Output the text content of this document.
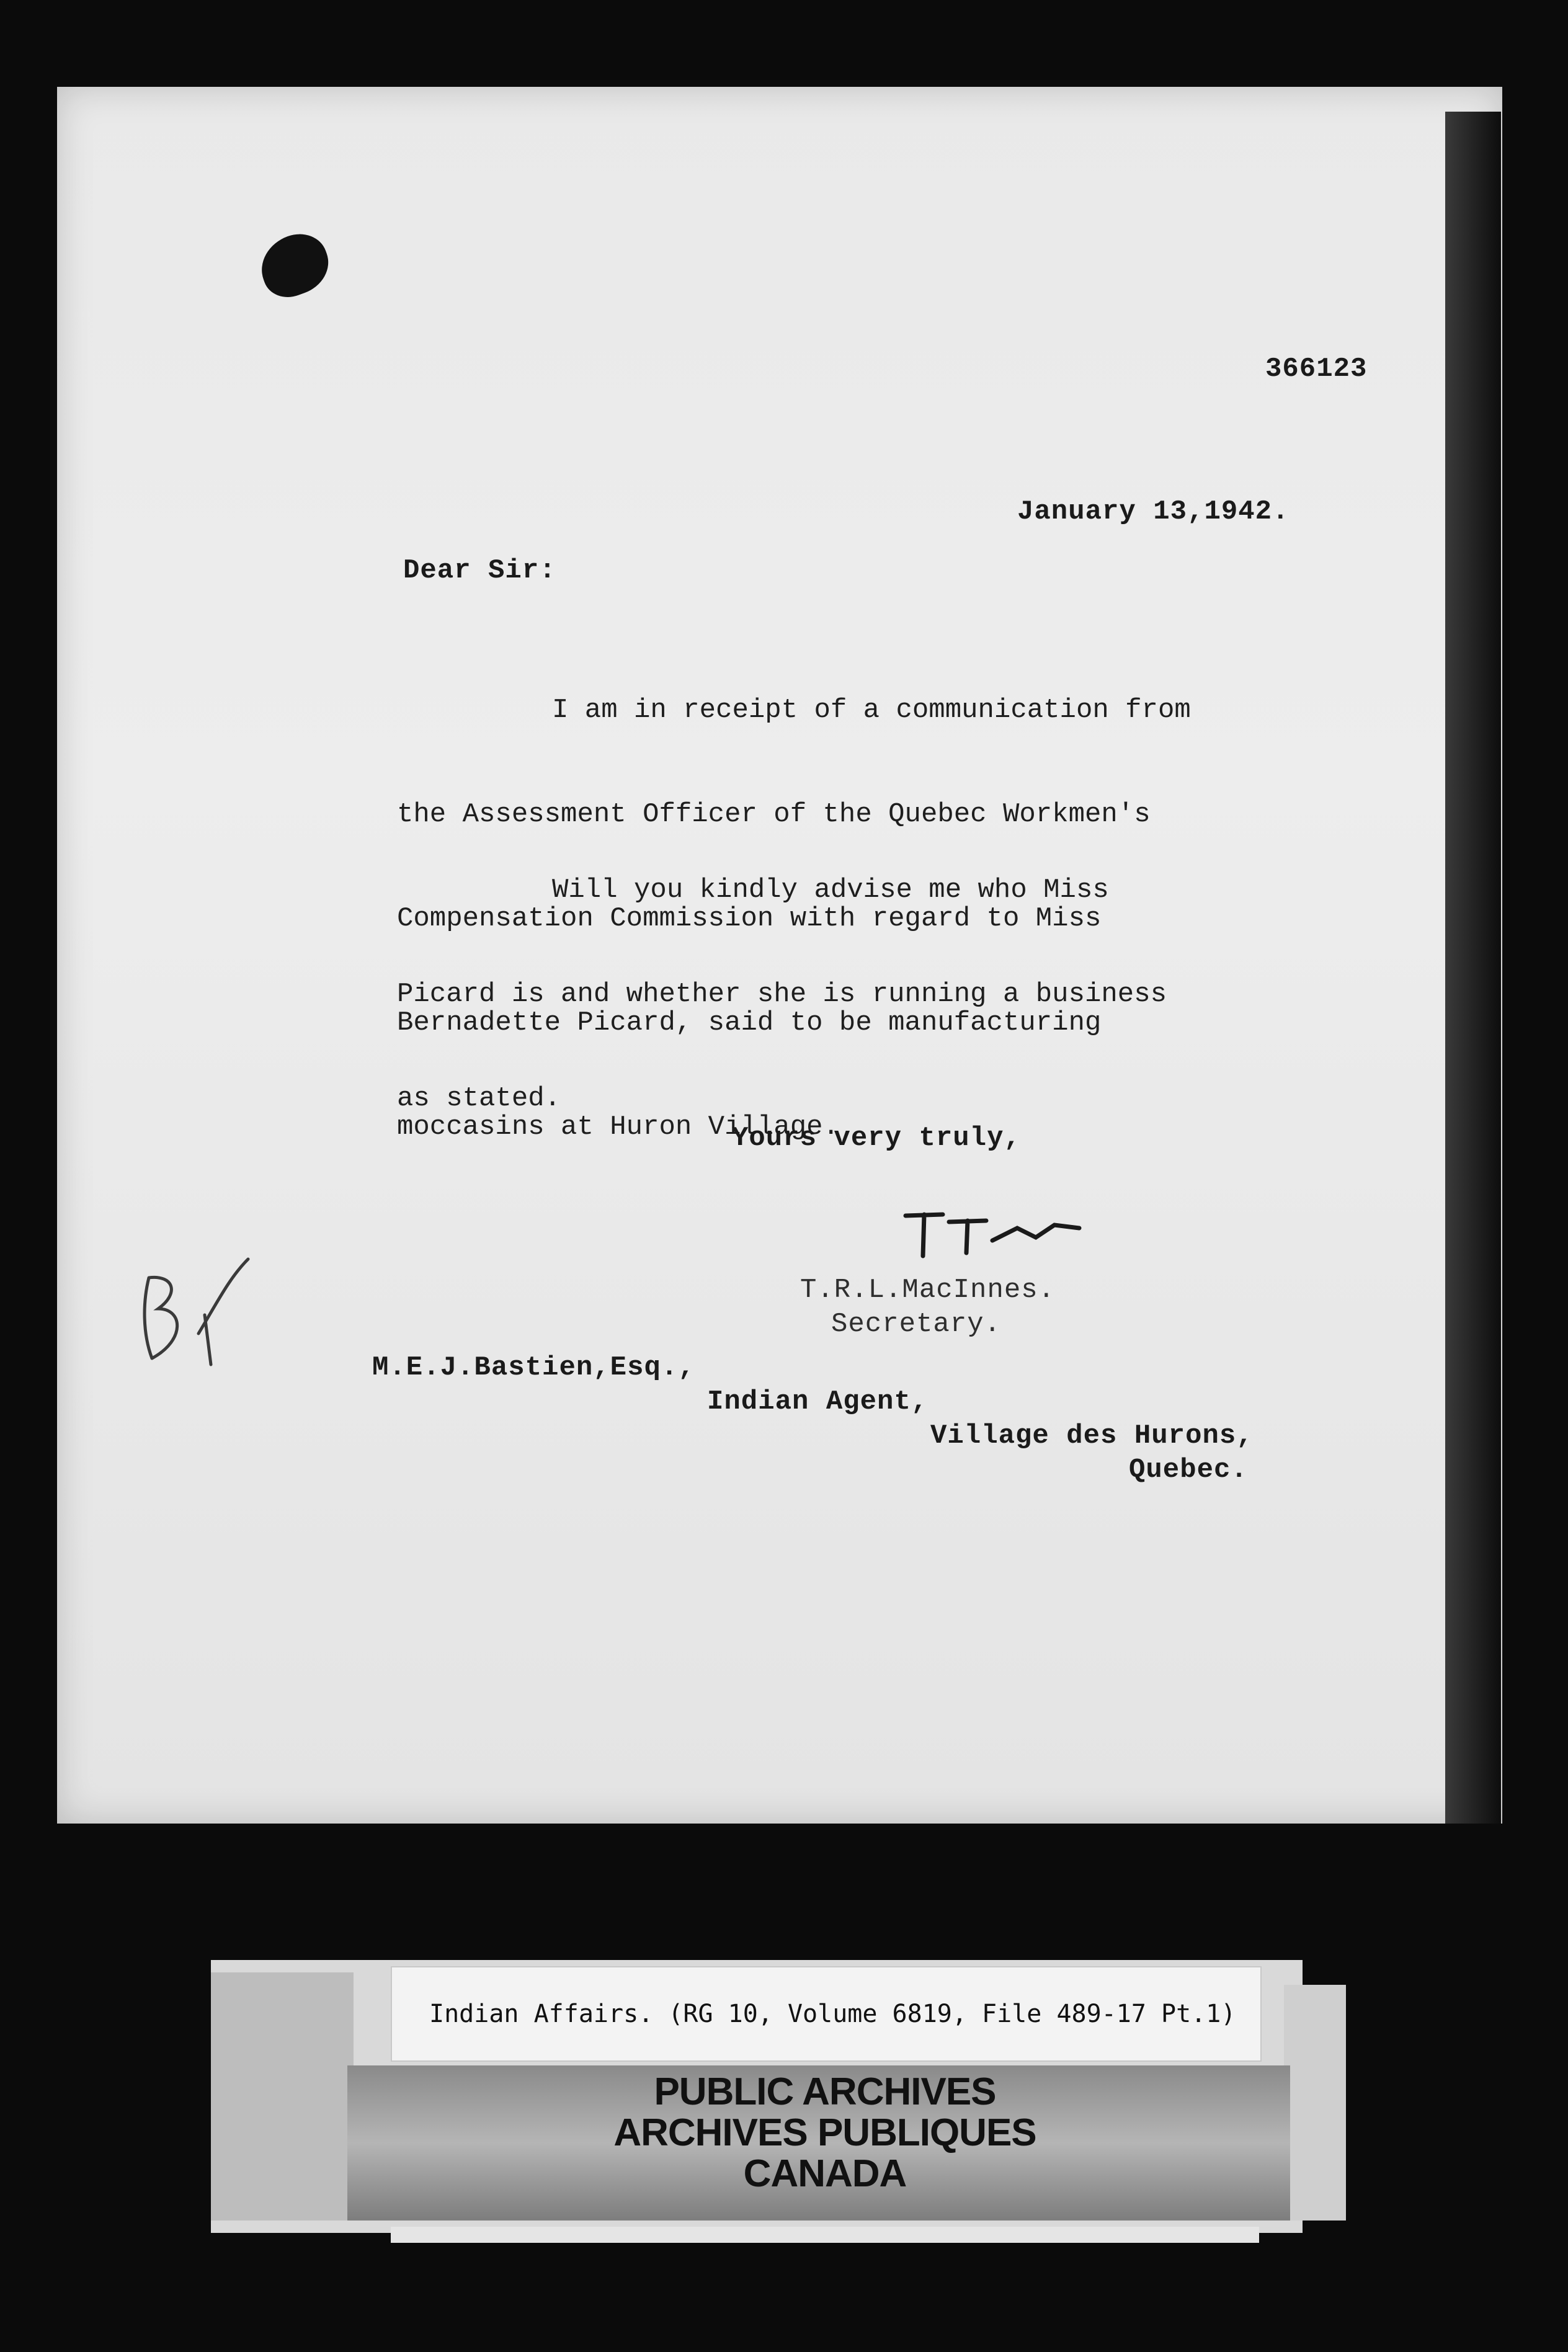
366123
January 13,1942.
Dear Sir:

I am in receipt of a communication from

the Assessment Officer of the Quebec Workmen's

Compensation Commission with regard to Miss

Bernadette Picard, said to be manufacturing

moccasins at Huron Village.

Will you kindly advise me who Miss

Picard is and whether she is running a business

as stated.

Yours very truly,
T.R.L.MacInnes.
Secretary.
M.E.J.Bastien,Esq.,
Indian Agent,
Village des Hurons,
Quebec.
Indian Affairs. (RG 10, Volume 6819, File 489-17 Pt.1)
PUBLIC ARCHIVES
ARCHIVES PUBLIQUES
CANADA
